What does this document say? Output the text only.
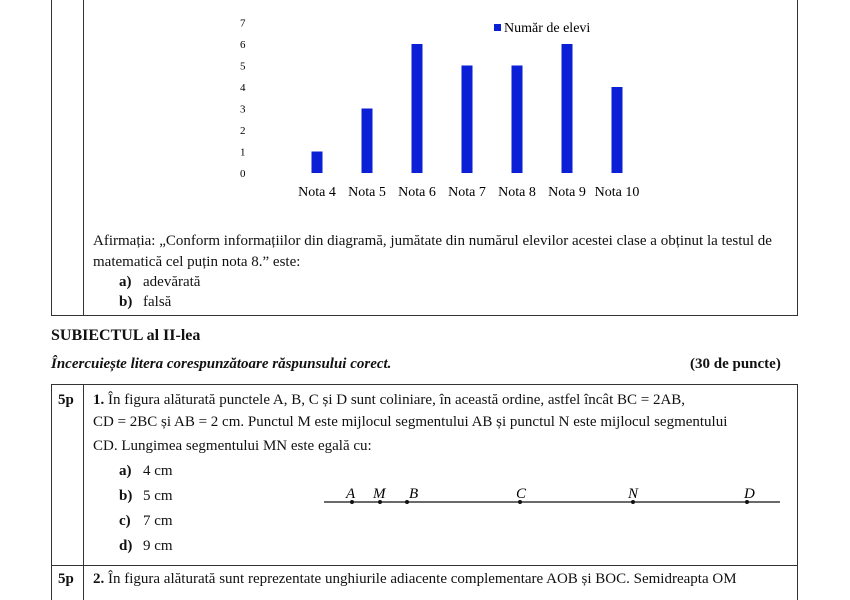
0
1
2
3
4
5
6
7
Nota 4 Nota 5 Nota 6 Nota 7 Nota 8 Nota 9 Nota 10
Număr de elevi
Afirmația: „Conform informațiilor din diagramă, jumătate din numărul elevilor acestei clase a obținut la testul de matematică cel puțin nota 8.” este:
a) adevărată
b) falsă
SUBIECTUL al II-lea
Încercuiește litera corespunzătoare răspunsului corect.	(30 de puncte)
5p 1. În figura alăturată punctele A, B, C și D sunt coliniare, în această ordine, astfel încât BC = 2AB,
CD = 2BC și AB = 2 cm. Punctul M este mijlocul segmentului AB și punctul N este mijlocul segmentului
CD. Lungimea segmentului MN este egală cu:
a) 4 cm
b) 5 cm
c) 7 cm
d) 9 cm
A M B	C	N	D
5p 2. În figura alăturată sunt reprezentate unghiurile adiacente complementare AOB și BOC. Semidreapta OM
